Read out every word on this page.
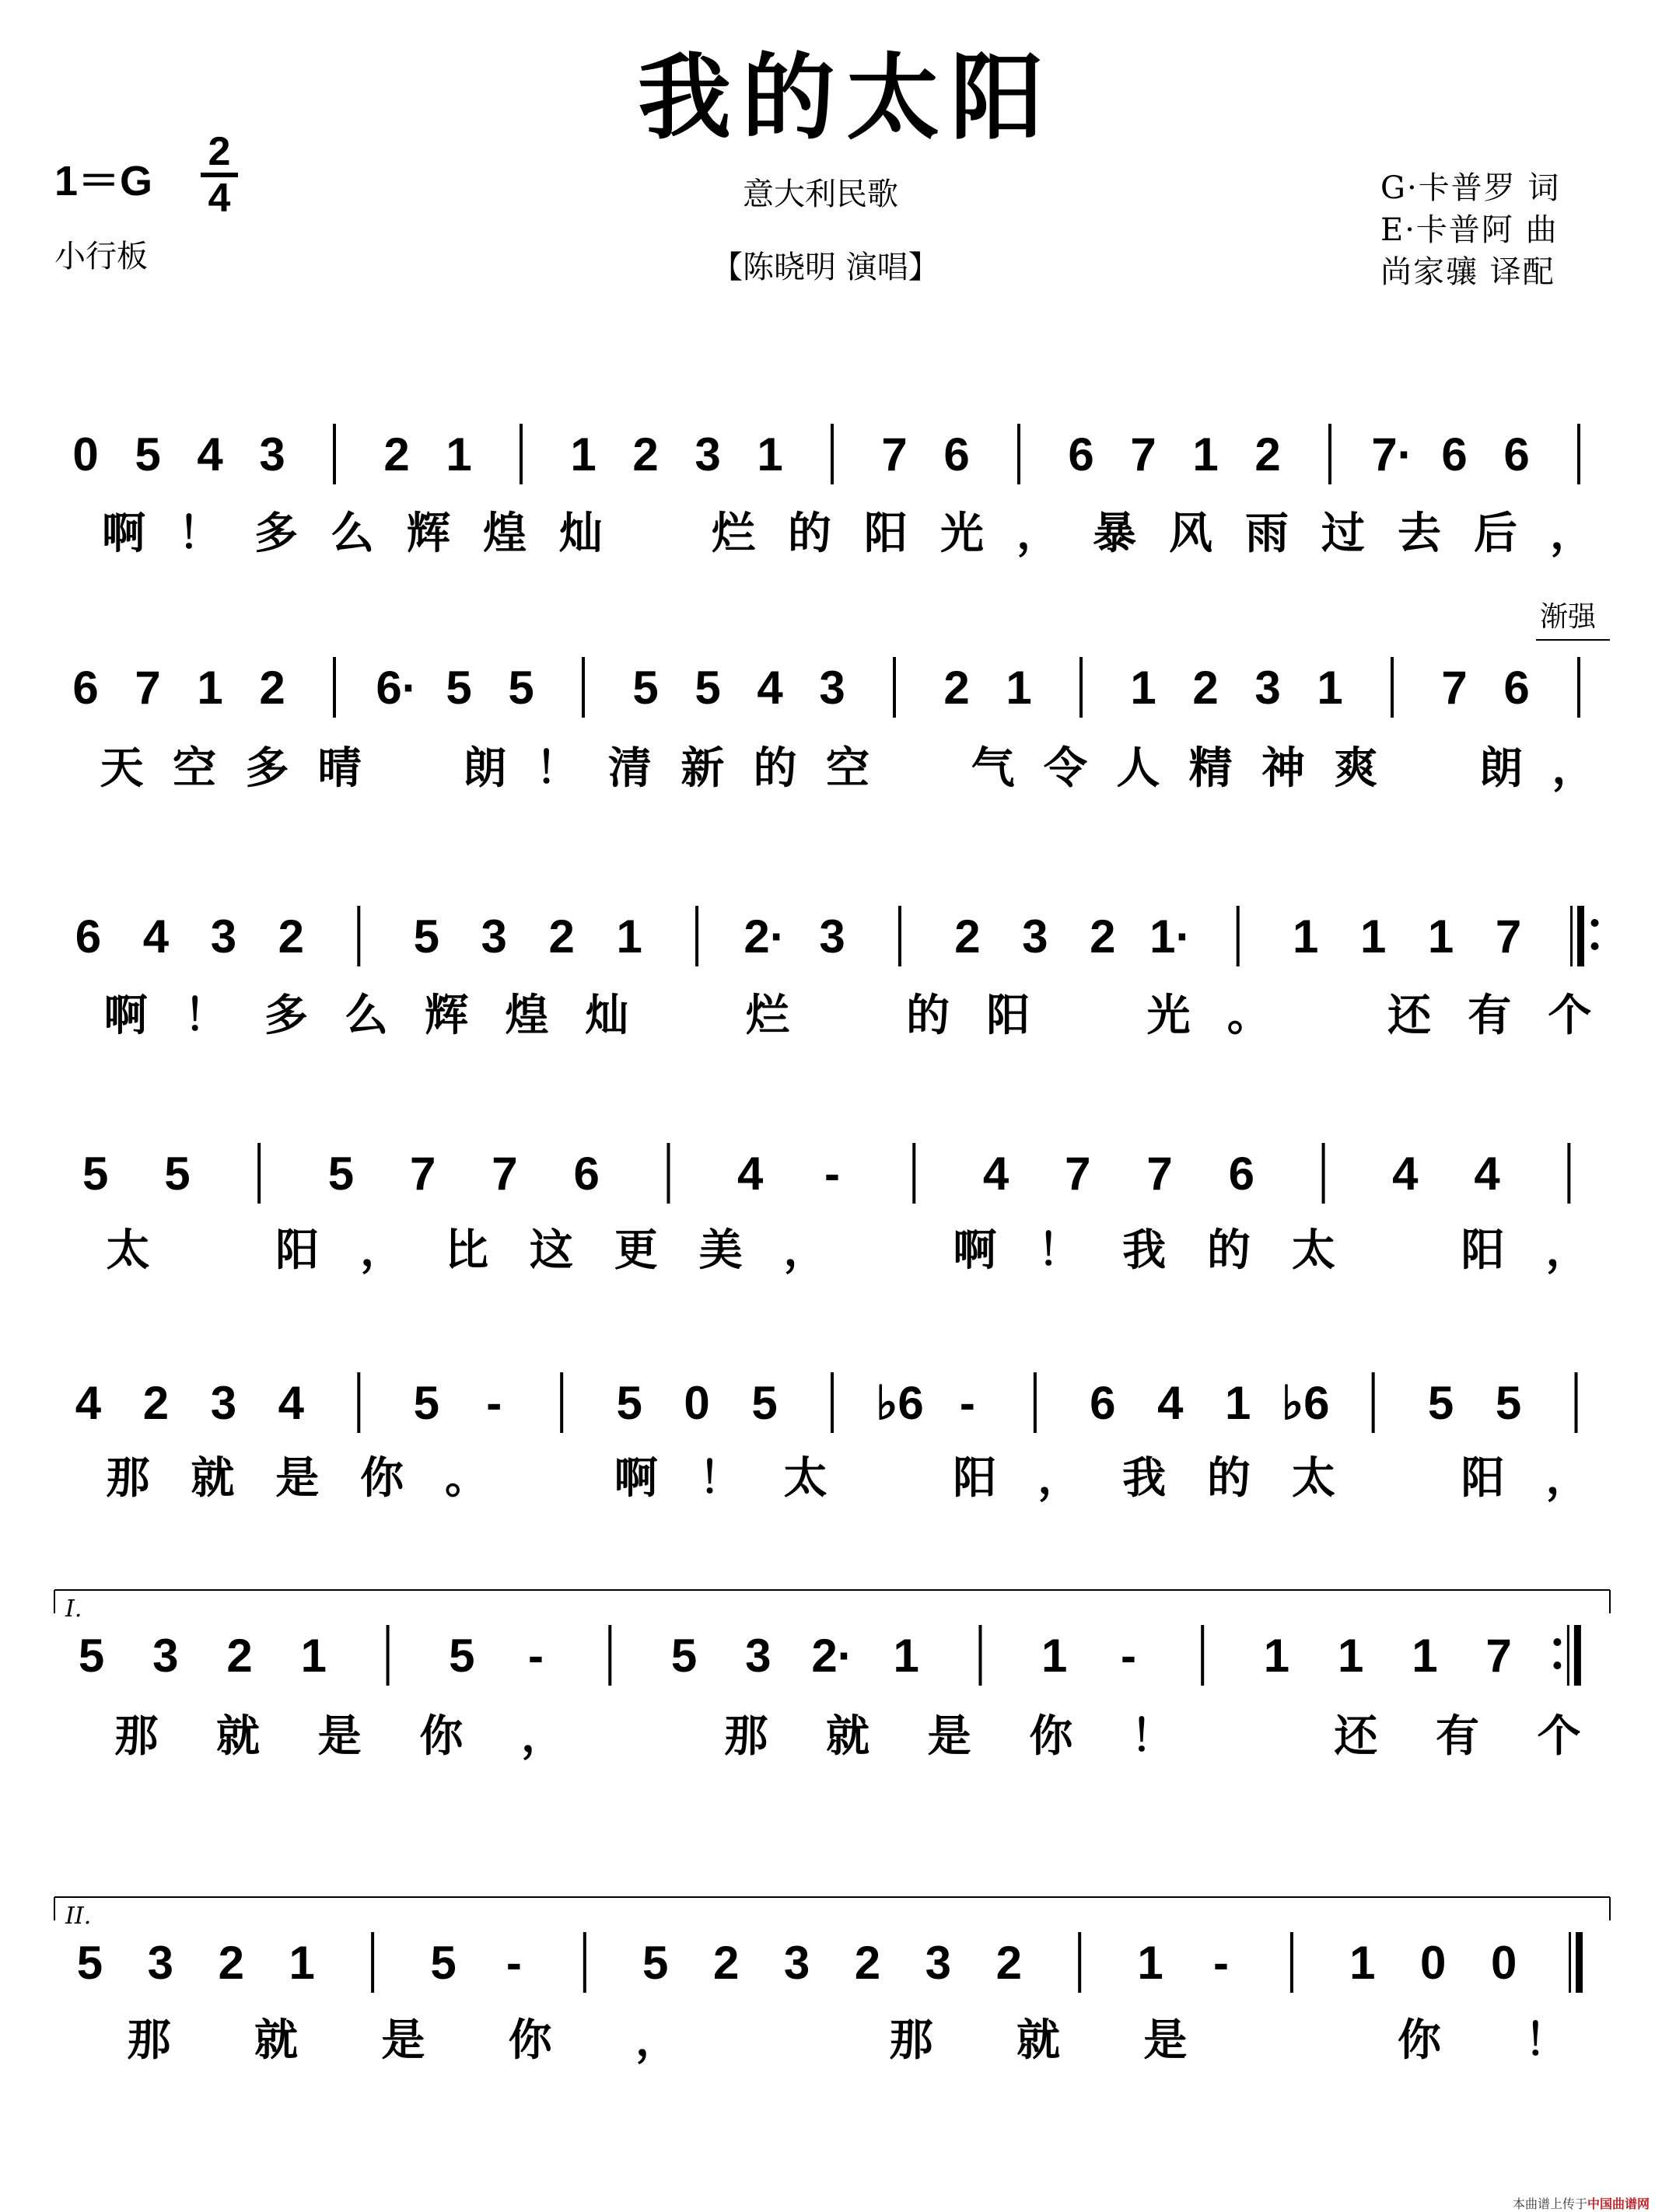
我的太阳
1＝G
2
4
小行板
意大利民歌
【陈晓明 演唱】
G·卡普罗 词
E·卡普阿 曲
尚家骧 译配
0 5 4 3 2 1 1 2 3 1 7 6 6 7 1 2 7· 6 6
啊 ！ 多 么 辉 煌 灿	烂 的 阳 光 ， 暴 风 雨 过 去 后 ，
6 7 1 2 6· 5 5 5 5 4 3 2 1 1 2 3 1 7 6
天 空 多 晴 朗 ！ 清 新 的 空 气 令 人 精 神 爽 朗 ，
渐强
6 4 3 2 5 3 2 1 2· 3 2 3 2 1· 1 1 1 7
啊 ！ 多 么 辉 煌 灿	烂	的 阳	光 。	还 有 个
5 5	5 7 7 6	4 -	4 7 7 6	4 4
太	阳 ， 比 这 更 美 ，	啊 ！ 我 的 太	阳 ，
4 2 3 4 5 - 5 0 5 ♭6 - 6 4 1 ♭6 5 5
那 就 是 你 。	啊 ！ 太	阳 ， 我 的 太	阳 ，
5 3 2 1	5 -	5 3 2· 1	1 -	1 1 1 7
那 就 是 你 ，	那 就 是 你 ！	还 有 个
I.
5 3 2 1 5 -	5 2 3 2 3 2 1 -	1 0 0
那 就 是 你 ，	那 就 是	你 ！
II.
本曲谱上传于中国曲谱网
